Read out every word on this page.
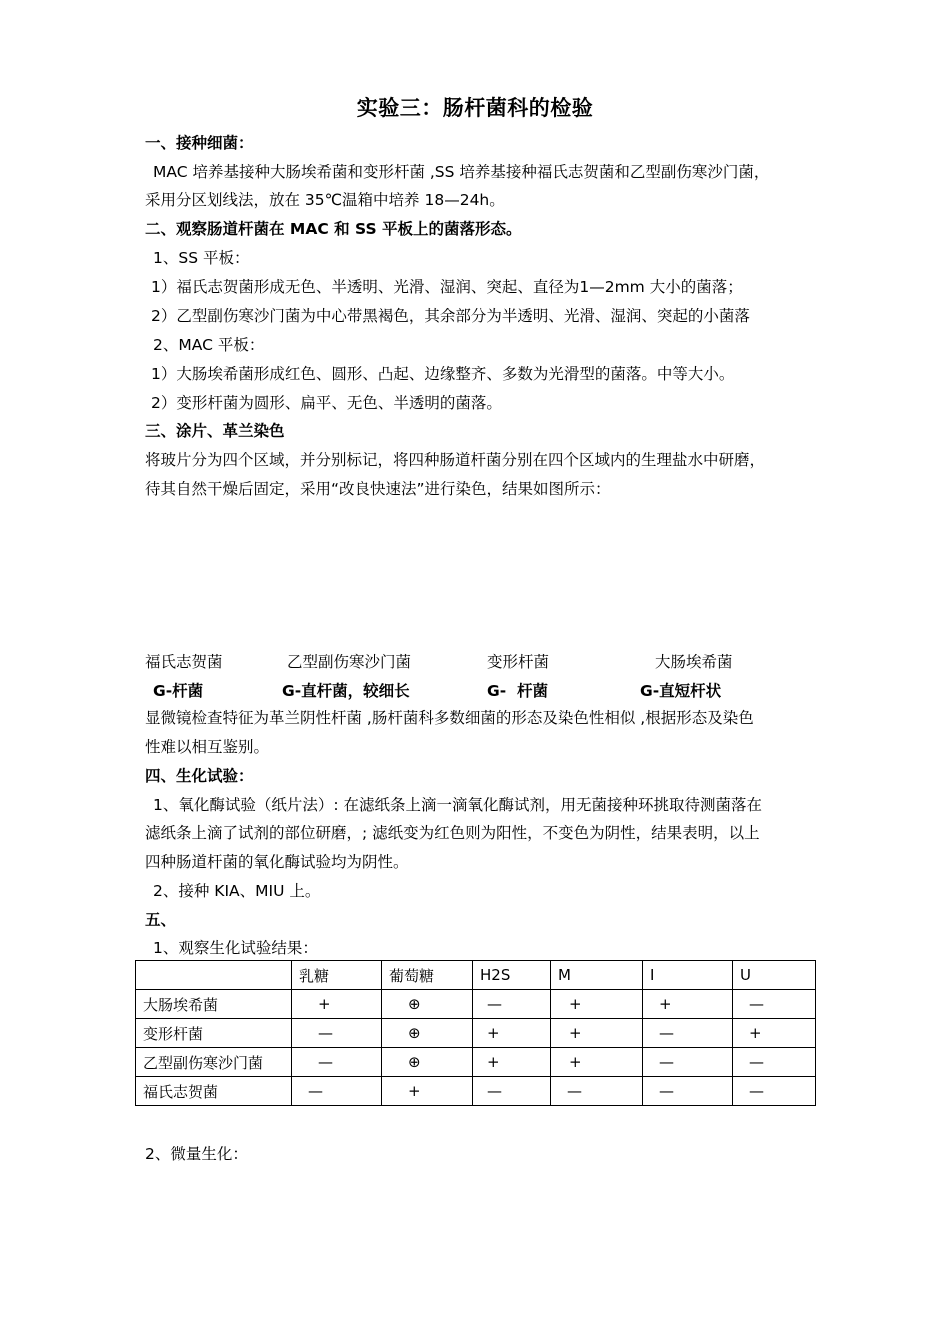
实验三：肠杆菌科的检验
一、接种细菌：
MAC 培养基接种大肠埃希菌和变形杆菌 ,SS 培养基接种福氏志贺菌和乙型副伤寒沙门菌，
采用分区划线法，放在 35℃温箱中培养 18—24h。
二、观察肠道杆菌在 MAC 和 SS 平板上的菌落形态。
1、SS 平板：
1）福氏志贺菌形成无色、半透明、光滑、湿润、突起、直径为1—2mm 大小的菌落；
2）乙型副伤寒沙门菌为中心带黑褐色，其余部分为半透明、光滑、湿润、突起的小菌落
2、MAC 平板：
1）大肠埃希菌形成红色、圆形、凸起、边缘整齐、多数为光滑型的菌落。中等大小。
2）变形杆菌为圆形、扁平、无色、半透明的菌落。
三、涂片、革兰染色
将玻片分为四个区域，并分别标记，将四种肠道杆菌分别在四个区域内的生理盐水中研磨，
待其自然干燥后固定，采用“改良快速法”进行染色，结果如图所示：
福氏志贺菌	乙型副伤寒沙门菌	变形杆菌	大肠埃希菌
G-杆菌	G-直杆菌，较细长	G-  杆菌	G-直短杆状
显微镜检查特征为革兰阴性杆菌 ,肠杆菌科多数细菌的形态及染色性相似 ,根据形态及染色
性难以相互鉴别。
四、生化试验：
1、氧化酶试验（纸片法）: 在滤纸条上滴一滴氧化酶试剂，用无菌接种环挑取待测菌落在
滤纸条上滴了试剂的部位研磨，; 滤纸变为红色则为阳性，不变色为阴性，结果表明，以上
四种肠道杆菌的氧化酶试验均为阴性。
2、接种 KIA、MIU 上。
五、
1、观察生化试验结果：
	乳糖	葡萄糖	H2S	M	I	U
大肠埃希菌	+	⊕	—	+	+	—
变形杆菌	—	⊕	+	+	—	+
乙型副伤寒沙门菌	—	⊕	+	+	—	—
福氏志贺菌	—	+	—	—	—	—
2、微量生化：
